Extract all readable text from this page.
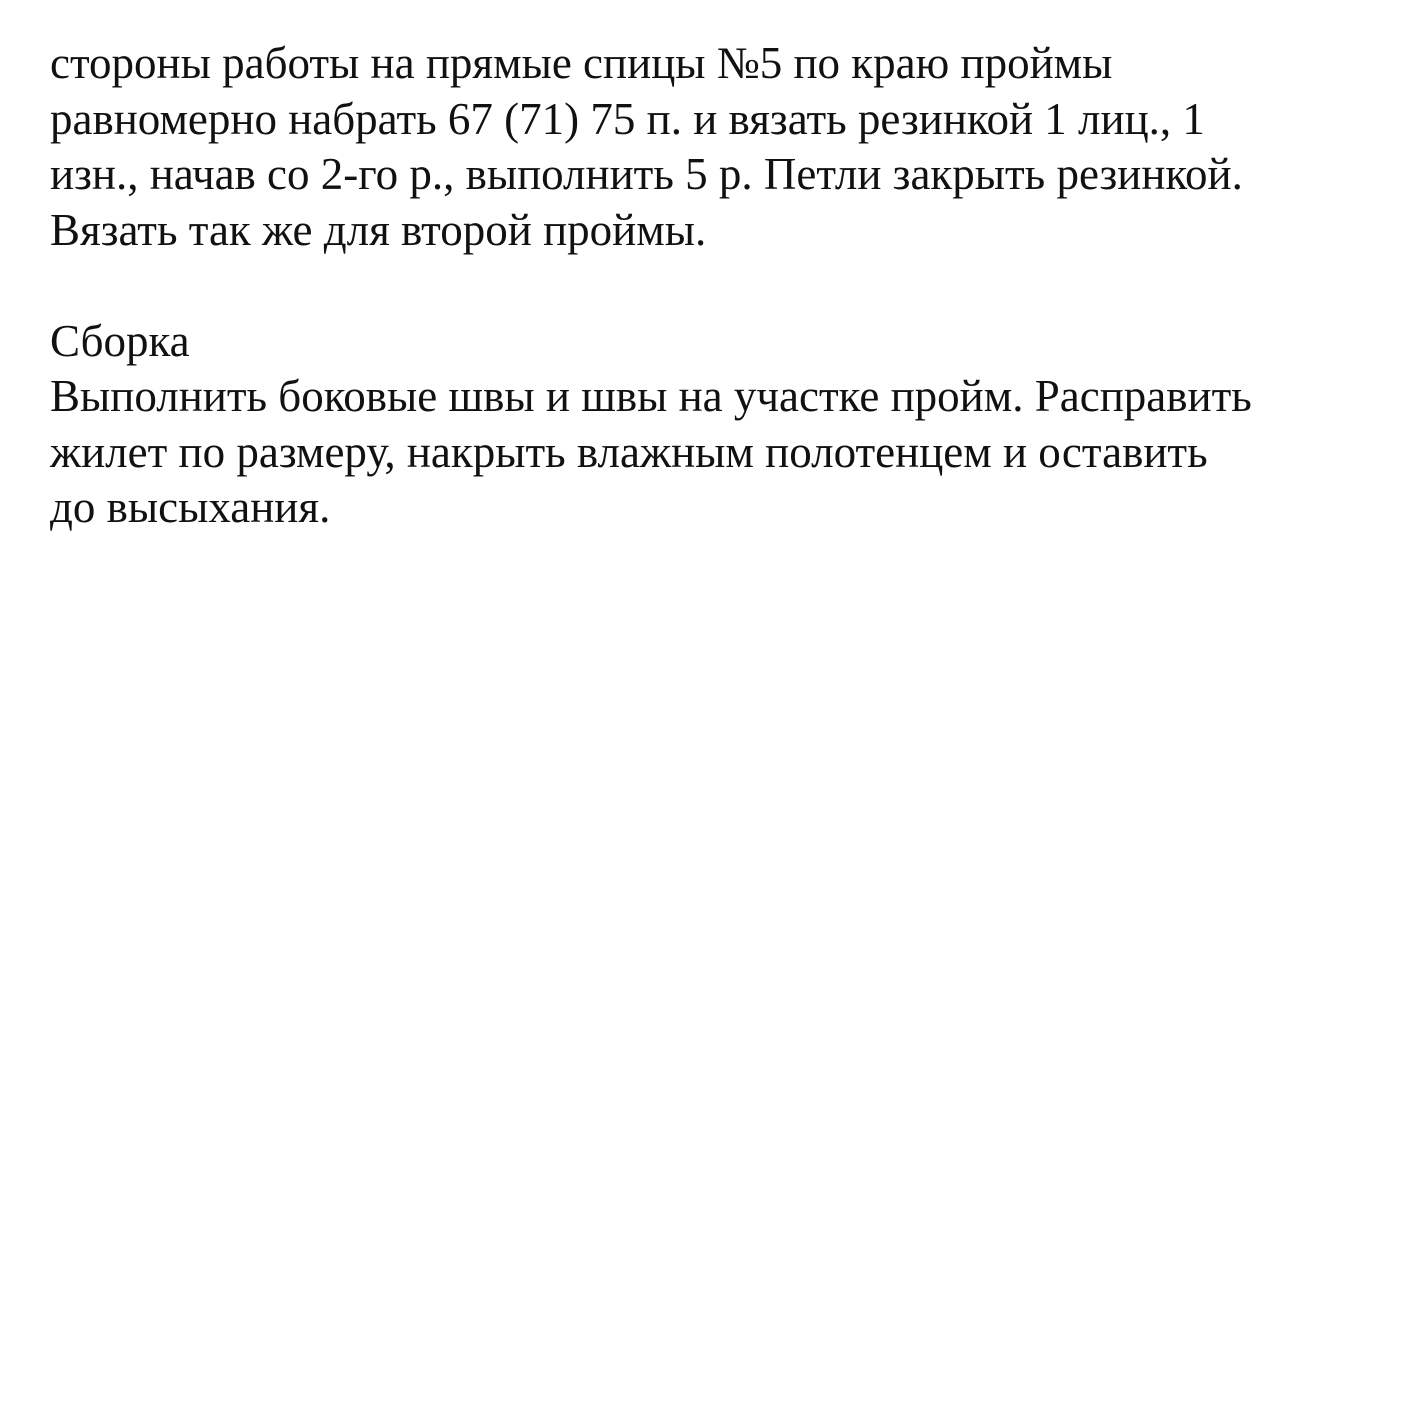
стороны работы на прямые спицы №5 по краю проймы
равномерно набрать 67 (71) 75 п. и вязать резинкой 1 лиц., 1
изн., начав со 2-го р., выполнить 5 р. Петли закрыть резинкой.
Вязать так же для второй проймы.
Сборка
Выполнить боковые швы и швы на участке пройм. Расправить
жилет по размеру, накрыть влажным полотенцем и оставить
до высыхания.
